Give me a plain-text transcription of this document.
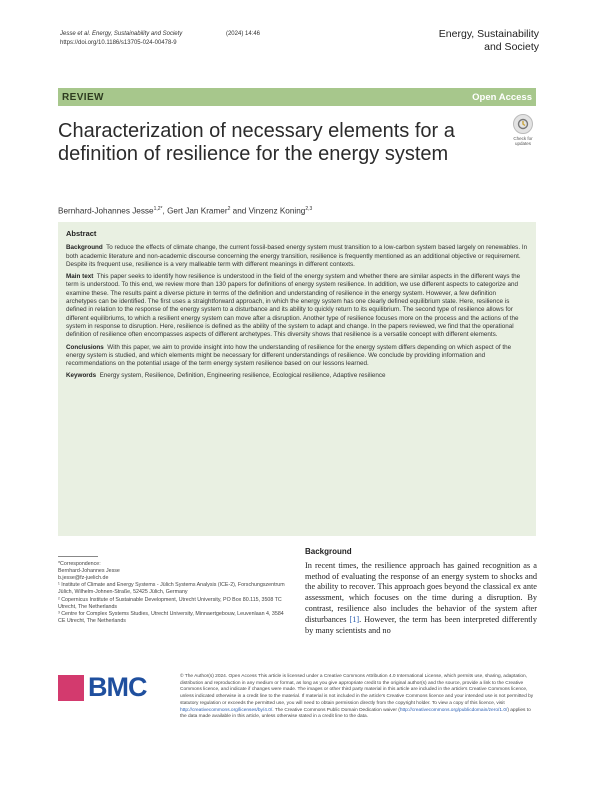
Jesse et al. Energy, Sustainability and Society	(2024) 14:46
https://doi.org/10.1186/s13705-024-00478-9
Energy, Sustainability
and Society
REVIEW	Open Access
Characterization of necessary elements for a definition of resilience for the energy system
Check for
updates
Bernhard-Johannes Jesse$^{1,2*}$, Gert Jan Kramer$^2$ and Vinzenz Koning$^{2,3}$
Abstract

Background To reduce the effects of climate change, the current fossil-based energy system must transition to a low-carbon system based largely on renewables. In both academic literature and non-academic discourse concerning the energy transition, resilience is frequently mentioned as an additional objective or requirement. Despite its frequent use, resilience is a very malleable term with different meanings in different contexts.

Main text This paper seeks to identify how resilience is understood in the field of the energy system and whether there are similar aspects in the different ways the term is understood. To this end, we review more than 130 papers for definitions of energy system resilience. In addition, we use different aspects to categorize and examine these. The results paint a diverse picture in terms of the definition and understanding of resilience in the energy system. However, a few definition archetypes can be identified. The first uses a straightforward approach, in which the energy system has one clearly defined equilibrium state. Here, resilience is defined in relation to the response of the energy system to a disturbance and its ability to quickly return to its equilibrium. The second type of resilience allows for different equilibriums, to which a resilient energy system can move after a disruption. Another type of resilience focuses more on the process and the actions of the system in response to disruption. Here, resilience is defined as the ability of the system to adapt and change. In the papers reviewed, we find that the operational definition of resilience often encompasses aspects of different archetypes. This diversity shows that resilience is a versatile concept with different elements.

Conclusions With this paper, we aim to provide insight into how the understanding of resilience for the energy system differs depending on which aspect of the energy system is studied, and which elements might be necessary for different understandings of resilience. We conclude by providing information and recommendations on the potential usage of the term energy system resilience based on our lessons learned.

Keywords Energy system, Resilience, Definition, Engineering resilience, Ecological resilience, Adaptive resilience

*Correspondence:
Bernhard-Johannes Jesse
b.jesse@fz-juelich.de
¹ Institute of Climate and Energy Systems - Jülich Systems Analysis (ICE-2), Forschungszentrum Jülich, Wilhelm-Johnen-Straße, 52425 Jülich, Germany
² Copernicus Institute of Sustainable Development, Utrecht University, PO Box 80.115, 3508 TC Utrecht, The Netherlands
³ Centre for Complex Systems Studies, Utrecht University, Minnaertgebouw, Leuvenlaan 4, 3584 CE Utrecht, The Netherlands
Background

In recent times, the resilience approach has gained recognition as a method of evaluating the response of an energy system to shocks and the ability to recover. This approach goes beyond the classical ex ante assessment, which focuses on the time during a disruption. By contrast, resilience also includes the behavior of the system after disturbances [1]. However, the term has been interpreted differently by many scientists and no

BMC	© The Author(s) 2024. Open Access This article is licensed under a Creative Commons Attribution 4.0 International License, which permits use, sharing, adaptation, distribution and reproduction in any medium or format, as long as you give appropriate credit to the original author(s) and the source, provide a link to the Creative Commons licence, and indicate if changes were made. The images or other third party material in this article are included in the article's Creative Commons licence, unless indicated otherwise in a credit line to the material. If material is not included in the article's Creative Commons licence and your intended use is not permitted by statutory regulation or exceeds the permitted use, you will need to obtain permission directly from the copyright holder. To view a copy of this licence, visit http://creativecommons.org/licenses/by/4.0/. The Creative Commons Public Domain Dedication waiver (http://creativecommons.org/publicdomain/zero/1.0/) applies to the data made available in this article, unless otherwise stated in a credit line to the data.
